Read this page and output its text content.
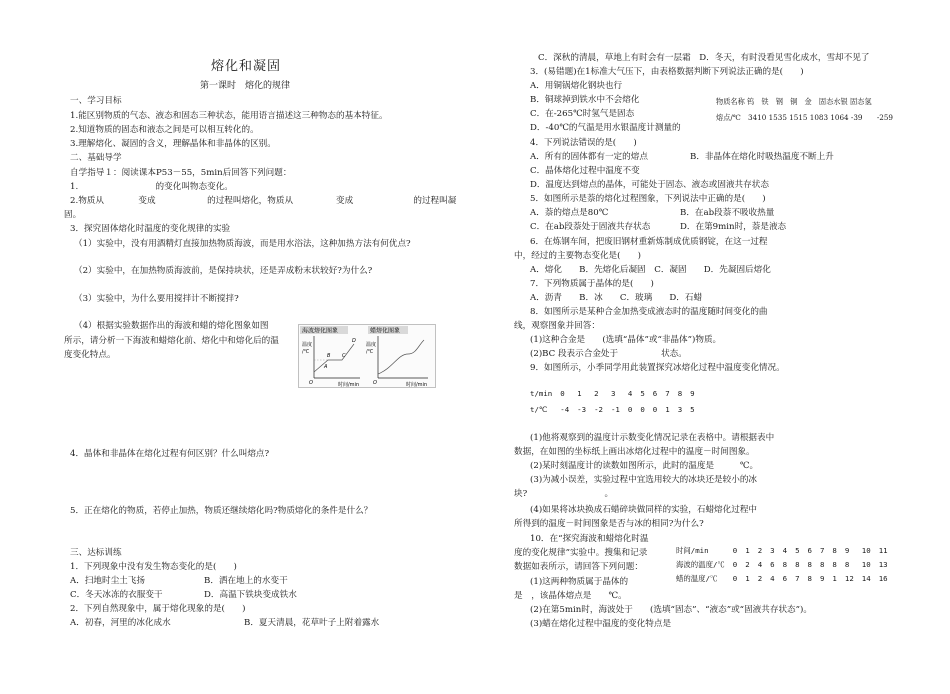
熔化和凝固
第一课时　熔化的规律
一、学习目标
1.能区别物质的气态、液态和固态三种状态，能用语言描述这三种物态的基本特征。
2.知道物质的固态和液态之间是可以相互转化的。
3.理解熔化、凝固的含义，理解晶体和非晶体的区别。
二、基础导学
自学指导１：阅读课本P53－55，5min后回答下列问题：
1.　　　　　　　　　的变化叫物态变化。
2.物质从　　　　变成　　　　　　的过程叫熔化，物质从　　　　　变成　　　　　　　的过程叫凝
固。
3．探究固体熔化时温度的变化规律的实验
（1）实验中，没有用酒精灯直接加热物质海波，而是用水浴法，这种加热方法有何优点?
（2）实验中，在加热物质海波前，是保持块状，还是弄成粉末状较好?为什么?
（3）实验中，为什么要用搅拌计不断搅拌?
（4）根据实验数据作出的海波和蜡的熔化图象如图
所示，请分析一下海波和蜡熔化前、熔化中和熔化后的温
度变化特点。
海波熔化图象	蜡熔化图象
温度
/℃
O
A
B C
D
温度
/℃
O
时间/min	时间/min
4．晶体和非晶体在熔化过程有何区别？什么叫熔点?
5．正在熔化的物质，若停止加热，物质还继续熔化吗?物质熔化的条件是什么？
三、达标训练
1．下列现象中没有发生物态变化的是(　　)
A．扫地时尘土飞扬	B．洒在地上的水变干
C．冬天冰冻的衣服变干	D．高温下铁块变成铁水
2．下列自然现象中，属于熔化现象的是(　　)
A．初春，河里的冰化成水	B．夏天清晨，花草叶子上附着露水
C．深秋的清晨，草地上有时会有一层霜　D．冬天，有时没看见雪化成水，雪却不见了
3．(易错题)在1标准大气压下，由表格数据判断下列说法正确的是(　　)
A．用铜锅熔化钢块也行
B．铜球掉到铁水中不会熔化
C．在-265℃时氢气是固态
D．-40℃的气温是用水银温度计测量的
物质名称 钨　铁　钢　铜　金　固态水银 固态氢
熔点/℃　3410 1535 1515 1083 1064 -39　　-259
4．下列说法错误的是(　　)
A．所有的固体都有一定的熔点	B．非晶体在熔化时吸热温度不断上升
C．晶体熔化过程中温度不变
D．温度达到熔点的晶体，可能处于固态、液态或固液共存状态
5．如图所示是萘的熔化过程图象，下列说法中正确的是(　　)
A．萘的熔点是80℃	B．在ab段萘不吸收热量
C．在ab段萘处于固液共存状态	D．在第9min时，萘是液态
6．在炼钢车间，把废旧钢材重新炼制成优质钢锭，在这一过程
中，经过的主要物态变化是(　　)
A．熔化　　B．先熔化后凝固　C．凝固　　D．先凝固后熔化
7．下列物质属于晶体的是(　　)
A．沥青　　B．冰　　C．玻璃　　D．石蜡
8．如图所示是某种合金加热变成液态时的温度随时间变化的曲
线，观察图象并回答：
(1)这种合金是　　(选填“晶体”或“非晶体”)物质。
(2)BC 段表示合金处于　　　　　状态。
9．如图所示，小季同学用此装置探究冰熔化过程中温度变化情况。
t/min	0	1	2	3	4	5	6	7	8	9

t/℃	-4	-3	-2	-1	0	0	0	1	3	5
(1)他将观察到的温度计示数变化情况记录在表格中。请根据表中
数据，在如图的坐标纸上画出冰熔化过程中的温度－时间图象。
(2)某时刻温度计的读数如图所示，此时的温度是　　　℃。
(3)为减小误差，实验过程中宜选用较大的冰块还是较小的冰
块?　　　　　　　　　。
(4)如果将冰块换成石蜡碎块做同样的实验，石蜡熔化过程中
所得到的温度－时间图象是否与冰的相同?为什么?
10．在“探究海波和蜡熔化时温
度的变化规律”实验中。搜集和记录
数据如表所示，请回答下列问题：
(1)这两种物质属于晶体的
是　，该晶体熔点是　　℃。
(2)在第5min时，海波处于　　(选填“固态”、“液态”或“固液共存状态”)。
(3)蜡在熔化过程中温度的变化特点是
时间/min	0	1	2	3	4	5	6	7	8	9	10	11
海波的温度/℃	0	2	4	6	8	8	8	8	8	8	10	13
蜡的温度/℃	0	1	2	4	6	7	8	9	1	12	14	16
